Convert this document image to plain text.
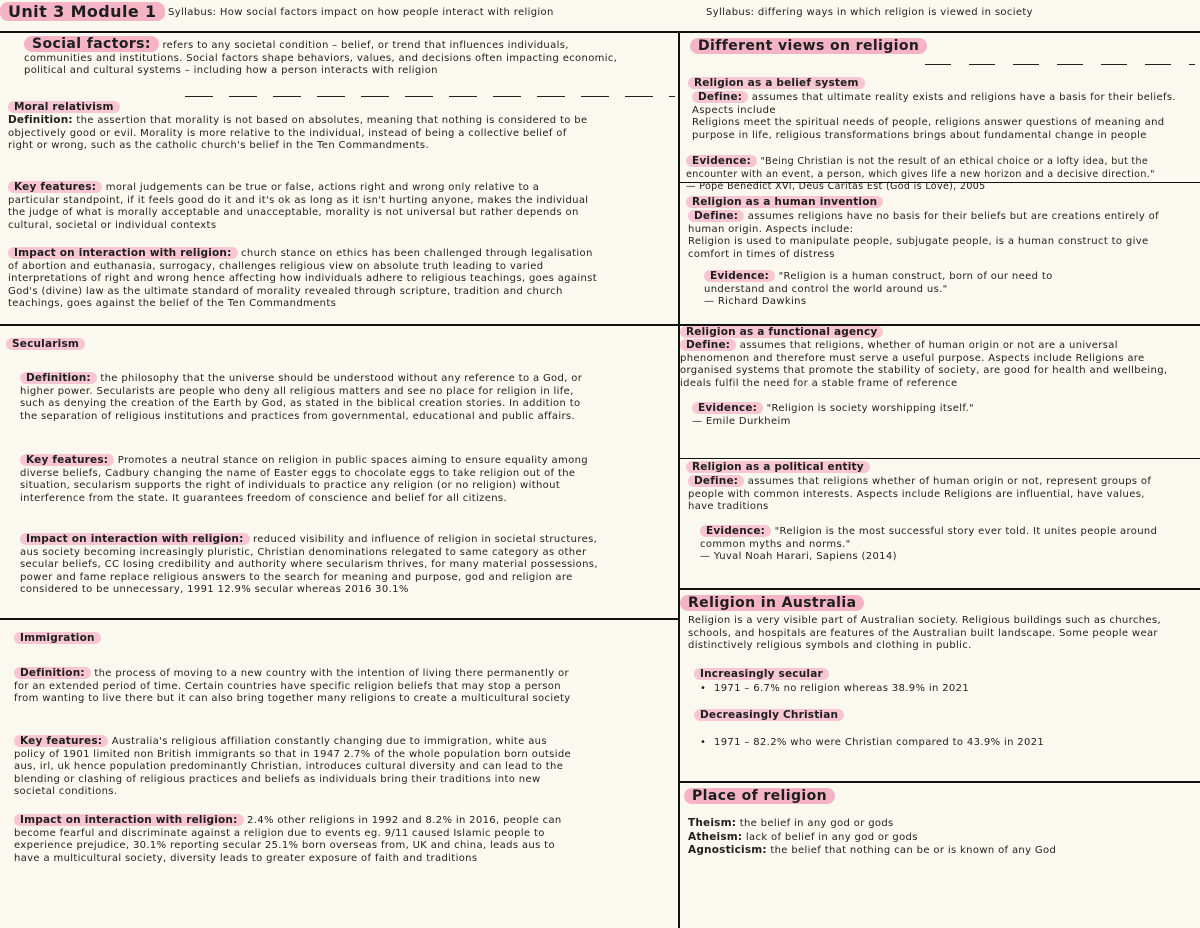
Unit 3 Module 1	Syllabus: How social factors impact on how people interact with religion	Syllabus: differing ways in which religion is viewed in society
Social factors: refers to any societal condition – belief, or trend that influences individuals, communities and institutions. Social factors shape behaviors, values, and decisions often impacting economic, political and cultural systems – including how a person interacts with religion
Moral relativism
Definition: the assertion that morality is not based on absolutes, meaning that nothing is considered to be objectively good or evil. Morality is more relative to the individual, instead of being a collective belief of right or wrong, such as the catholic church's belief in the Ten Commandments.
Key features: moral judgements can be true or false, actions right and wrong only relative to a particular standpoint, if it feels good do it and it's ok as long as it isn't hurting anyone, makes the individual the judge of what is morally acceptable and unacceptable, morality is not universal but rather depends on cultural, societal or individual contexts
Impact on interaction with religion: church stance on ethics has been challenged through legalisation of abortion and euthanasia, surrogacy, challenges religious view on absolute truth leading to varied interpretations of right and wrong hence affecting how individuals adhere to religious teachings, goes against God's (divine) law as the ultimate standard of morality revealed through scripture, tradition and church teachings, goes against the belief of the Ten Commandments
Secularism
Definition: the philosophy that the universe should be understood without any reference to a God, or higher power. Secularists are people who deny all religious matters and see no place for religion in life, such as denying the creation of the Earth by God, as stated in the biblical creation stories. In addition to the separation of religious institutions and practices from governmental, educational and public affairs.
Key features: Promotes a neutral stance on religion in public spaces aiming to ensure equality among diverse beliefs, Cadbury changing the name of Easter eggs to chocolate eggs to take religion out of the situation, secularism supports the right of individuals to practice any religion (or no religion) without interference from the state. It guarantees freedom of conscience and belief for all citizens.
Impact on interaction with religion: reduced visibility and influence of religion in societal structures, aus society becoming increasingly pluristic, Christian denominations relegated to same category as other secular beliefs, CC losing credibility and authority where secularism thrives, for many material possessions, power and fame replace religious answers to the search for meaning and purpose, god and religion are considered to be unnecessary, 1991 12.9% secular whereas 2016 30.1%
Immigration
Definition: the process of moving to a new country with the intention of living there permanently or for an extended period of time. Certain countries have specific religion beliefs that may stop a person from wanting to live there but it can also bring together many religions to create a multicultural society
Key features: Australia's religious affiliation constantly changing due to immigration, white aus policy of 1901 limited non British immigrants so that in 1947 2.7% of the whole population born outside aus, irl, uk hence population predominantly Christian, introduces cultural diversity and can lead to the blending or clashing of religious practices and beliefs as individuals bring their traditions into new societal conditions.
Impact on interaction with religion: 2.4% other religions in 1992 and 8.2% in 2016, people can become fearful and discriminate against a religion due to events eg. 9/11 caused Islamic people to experience prejudice, 30.1% reporting secular 25.1% born overseas from, UK and china, leads aus to have a multicultural society, diversity leads to greater exposure of faith and traditions
Different views on religion
Religion as a belief system

Define: assumes that ultimate reality exists and religions have a basis for their beliefs. Aspects include

Religions meet the spiritual needs of people, religions answer questions of meaning and purpose in life, religious transformations brings about fundamental change in people

Evidence: "Being Christian is not the result of an ethical choice or a lofty idea, but the encounter with an event, a person, which gives life a new horizon and a decisive direction."

— Pope Benedict XVI, Deus Caritas Est (God is Love), 2005

Religion as a human invention

Define: assumes religions have no basis for their beliefs but are creations entirely of human origin. Aspects include:

Religion is used to manipulate people, subjugate people, is a human construct to give comfort in times of distress

Evidence: "Religion is a human construct, born of our need to understand and control the world around us."

— Richard Dawkins

Religion as a functional agency
Define: assumes that religions, whether of human origin or not are a universal phenomenon and therefore must serve a useful purpose. Aspects include Religions are organised systems that promote the stability of society, are good for health and wellbeing, ideals fulfil the need for a stable frame of reference

Evidence: "Religion is society worshipping itself."

— Emile Durkheim

Religion as a political entity
Define: assumes that religions whether of human origin or not, represent groups of people with common interests. Aspects include Religions are influential, have values, have traditions

Evidence: "Religion is the most successful story ever told. It unites people around common myths and norms."

— Yuval Noah Harari, Sapiens (2014)

Religion in Australia
Religion is a very visible part of Australian society. Religious buildings such as churches, schools, and hospitals are features of the Australian built landscape. Some people wear distinctively religious symbols and clothing in public.
Increasingly secular
• 1971 – 6.7% no religion whereas 38.9% in 2021
Decreasingly Christian
• 1971 – 82.2% who were Christian compared to 43.9% in 2021
Place of religion

Theism: the belief in any god or gods

Atheism: lack of belief in any god or gods

Agnosticism: the belief that nothing can be or is known of any God
